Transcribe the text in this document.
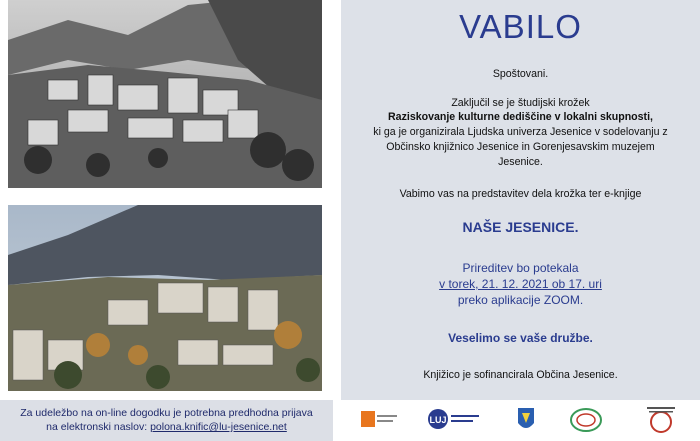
Za udeležbo na on-line dogodku je potrebna predhodna prijava
na elektronski naslov: polona.knific@lu-jesenice.net
VABILO
Spoštovani.
Zaključil se je študijski krožek
Raziskovanje kulturne dediščine v lokalni skupnosti,
ki ga je organizirala Ljudska univerza Jesenice v sodelovanju z
Občinsko knjižnico Jesenice in Gorenjesavskim muzejem
Jesenice.
Vabimo vas na predstavitev dela krožka ter e-knjige
NAŠE JESENICE.
Prireditev bo potekala
v torek, 21. 12. 2021 ob 17. uri
preko aplikacije ZOOM.
Veselimo se vaše družbe.
Knjižico je sofinancirala Občina Jesenice.
LUJ
